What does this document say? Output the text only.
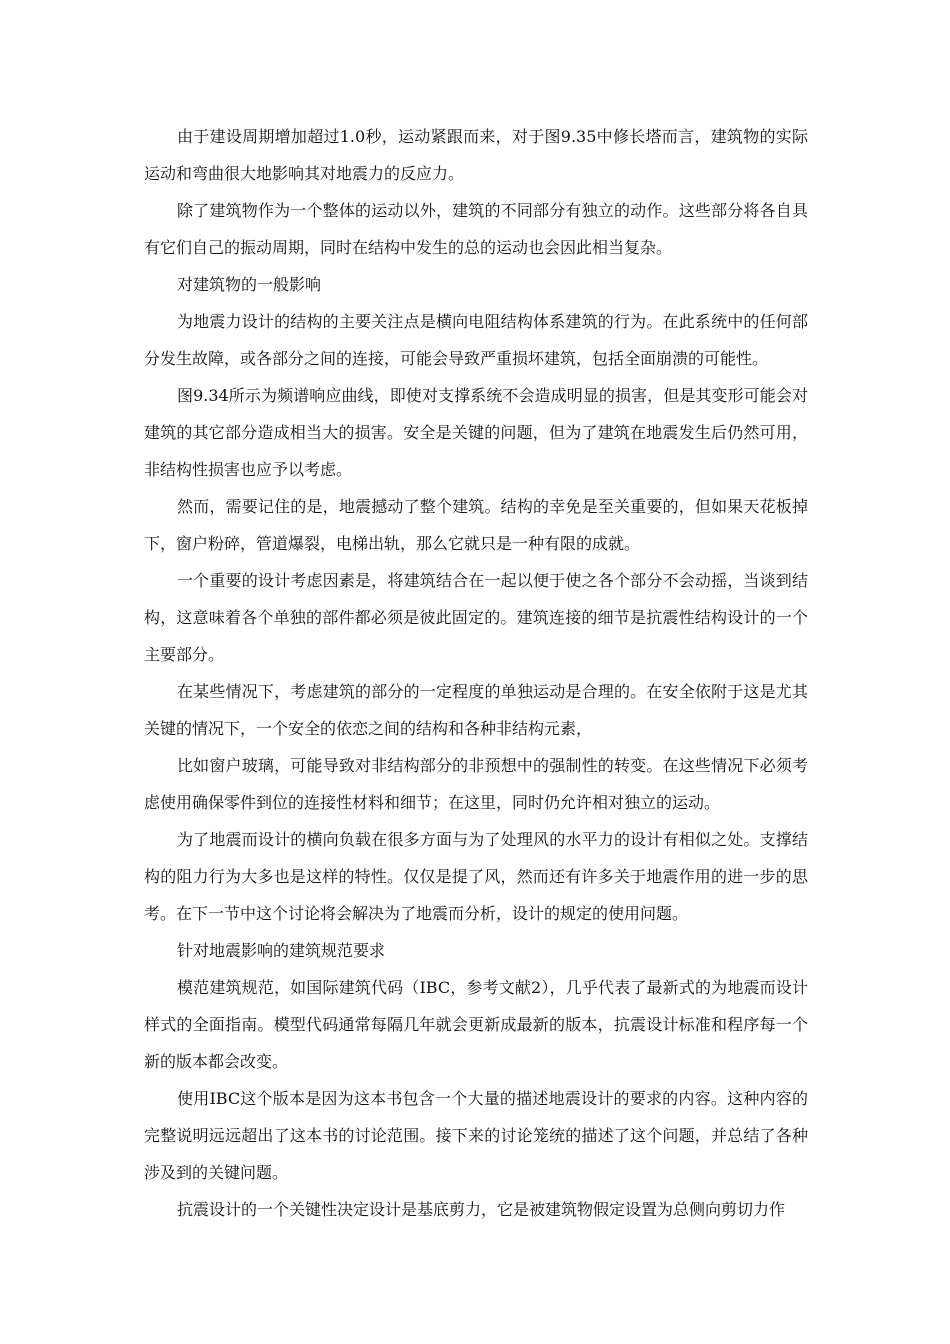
由于建设周期增加超过1.0秒，运动紧跟而来，对于图9.35中修长塔而言，建筑物的实际运动和弯曲很大地影响其对地震力的反应力。

除了建筑物作为一个整体的运动以外，建筑的不同部分有独立的动作。这些部分将各自具有它们自己的振动周期，同时在结构中发生的总的运动也会因此相当复杂。

对建筑物的一般影响

为地震力设计的结构的主要关注点是横向电阻结构体系建筑的行为。在此系统中的任何部分发生故障，或各部分之间的连接，可能会导致严重损坏建筑，包括全面崩溃的可能性。

图9.34所示为频谱响应曲线，即使对支撑系统不会造成明显的损害，但是其变形可能会对建筑的其它部分造成相当大的损害。安全是关键的问题，但为了建筑在地震发生后仍然可用，非结构性损害也应予以考虑。

然而，需要记住的是，地震撼动了整个建筑。结构的幸免是至关重要的，但如果天花板掉下，窗户粉碎，管道爆裂，电梯出轨，那么它就只是一种有限的成就。

一个重要的设计考虑因素是，将建筑结合在一起以便于使之各个部分不会动摇，当谈到结构，这意味着各个单独的部件都必须是彼此固定的。建筑连接的细节是抗震性结构设计的一个主要部分。

在某些情况下，考虑建筑的部分的一定程度的单独运动是合理的。在安全依附于这是尤其关键的情况下，一个安全的依恋之间的结构和各种非结构元素，

比如窗户玻璃，可能导致对非结构部分的非预想中的强制性的转变。在这些情况下必须考虑使用确保零件到位的连接性材料和细节；在这里，同时仍允许相对独立的运动。

为了地震而设计的横向负载在很多方面与为了处理风的水平力的设计有相似之处。支撑结构的阻力行为大多也是这样的特性。仅仅是提了风，然而还有许多关于地震作用的进一步的思考。在下一节中这个讨论将会解决为了地震而分析，设计的规定的使用问题。

针对地震影响的建筑规范要求

模范建筑规范，如国际建筑代码（IBC，参考文献2），几乎代表了最新式的为地震而设计样式的全面指南。模型代码通常每隔几年就会更新成最新的版本，抗震设计标准和程序每一个新的版本都会改变。

使用IBC这个版本是因为这本书包含一个大量的描述地震设计的要求的内容。这种内容的完整说明远远超出了这本书的讨论范围。接下来的讨论笼统的描述了这个问题，并总结了各种涉及到的关键问题。

抗震设计的一个关键性决定设计是基底剪力，它是被建筑物假定设置为总侧向剪切力作
